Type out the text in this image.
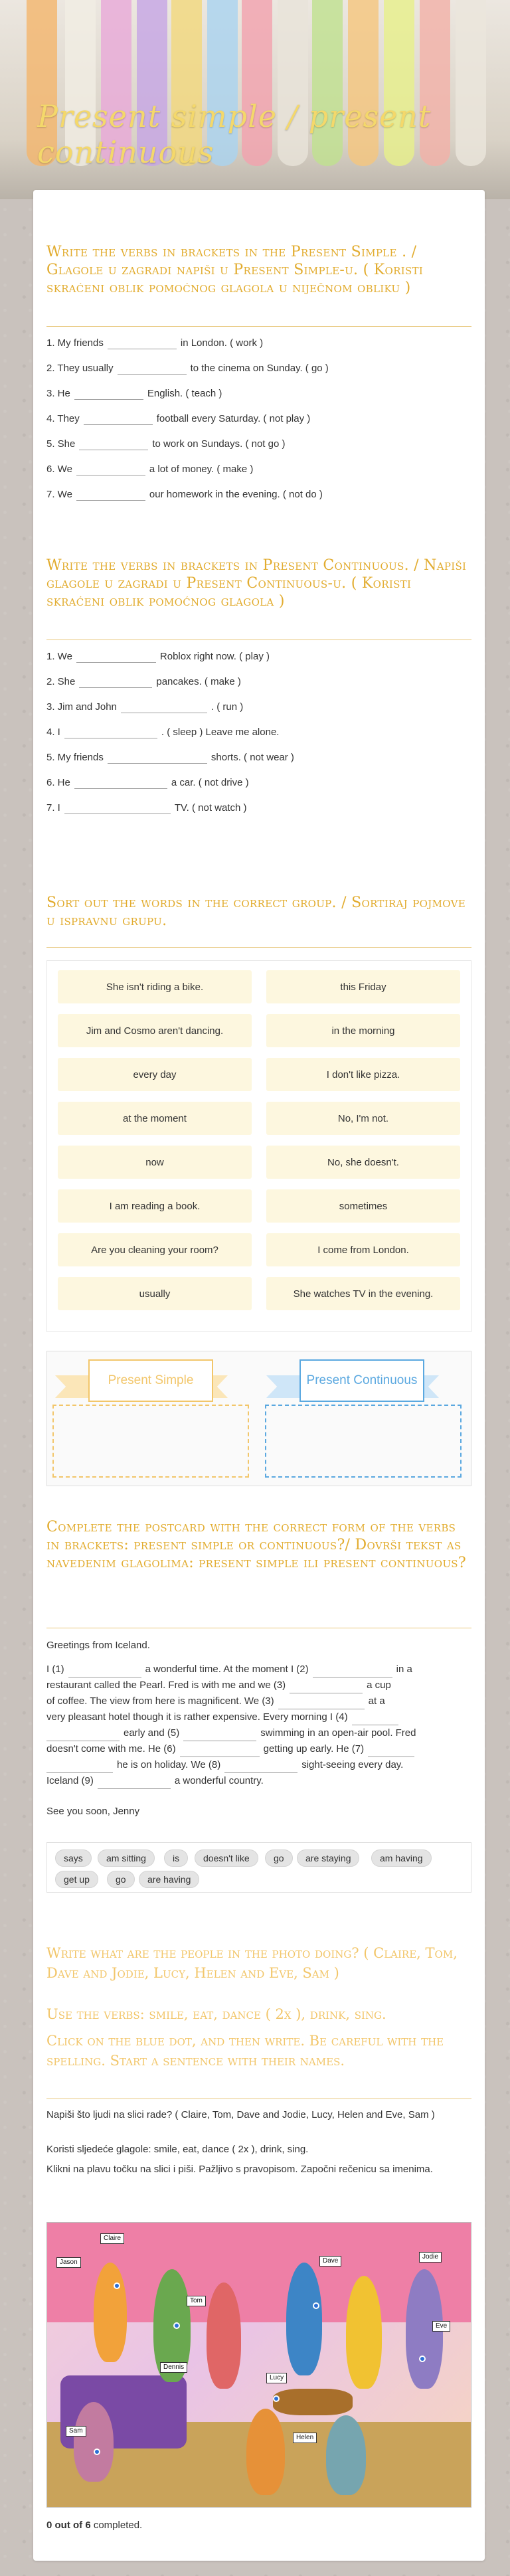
Present simple / present continuous
Write the verbs in brackets in the Present Simple . / Glagole u zagradi napiši u Present Simple-u. ( Koristi skraćeni oblik pomoćnog glagola u niječnom obliku )
1. My friends	in London. ( work )
2. They usually	to the cinema on Sunday. ( go )
3. He	English. ( teach )
4. They	football every Saturday. ( not play )
5. She	to work on Sundays. ( not go )
6. We	a lot of money. ( make )
7. We	our homework in the evening. ( not do )
Write the verbs in brackets in Present Continuous. / Napiši glagole u zagradi u Present Continuous-u. ( Koristi skraćeni oblik pomoćnog glagola )
1. We	Roblox right now. ( play )
2. She	pancakes. ( make )
3. Jim and John	. ( run )
4. I	. ( sleep ) Leave me alone.
5. My friends	shorts. ( not wear )
6. He	a car. ( not drive )
7. I	TV. ( not watch )
Sort out the words in the correct group. / Sortiraj pojmove u ispravnu grupu.
She isn't riding a bike.	this Friday
Jim and Cosmo aren't dancing.	in the morning
every day	I don't like pizza.
at the moment	No, I'm not.
now	No, she doesn't.
I am reading a book.	sometimes
Are you cleaning your room?	I come from London.
usually	She watches TV in the evening.
Present Simple	Present Continuous
Complete the postcard with the correct form of the verbs in brackets: present simple or continuous?/ Dovrši tekst as navedenim glagolima: present simple ili present continuous?
Greetings from Iceland.
I (1)	a wonderful time. At the moment I (2)	in a
restaurant called the Pearl. Fred is with me and we (3)	a cup
of coffee. The view from here is magnificent. We (3)	at a
very pleasant hotel though it is rather expensive. Every morning I (4)
early and (5)	swimming in an open-air pool. Fred
doesn't come with me. He (6)	getting up early. He (7)
he is on holiday. We (8)	sight-seeing every day.
Iceland (9)	a wonderful country.
See you soon, Jenny
says	am sitting	is	doesn't like	go	are staying	am having
get up	go	are having
Write what are the people in the photo doing? ( Claire, Tom, Dave and Jodie, Lucy, Helen and Eve, Sam )
Use the verbs: smile, eat, dance ( 2x ), drink, sing.
Click on the blue dot, and then write. Be careful with the spelling. Start a sentence with their names.
Napiši što ljudi na slici rade? ( Claire, Tom, Dave and Jodie, Lucy, Helen and Eve, Sam )
Koristi sljedeće glagole: smile, eat, dance ( 2x ), drink, sing.
Klikni na plavu točku na slici i piši. Pažljivo s pravopisom. Započni rečenicu sa imenima.
Claire
Jason	Dave
Jodie
Tom
Eve
Dennis
Lucy
Sam
Helen
0 out of 6 completed.
